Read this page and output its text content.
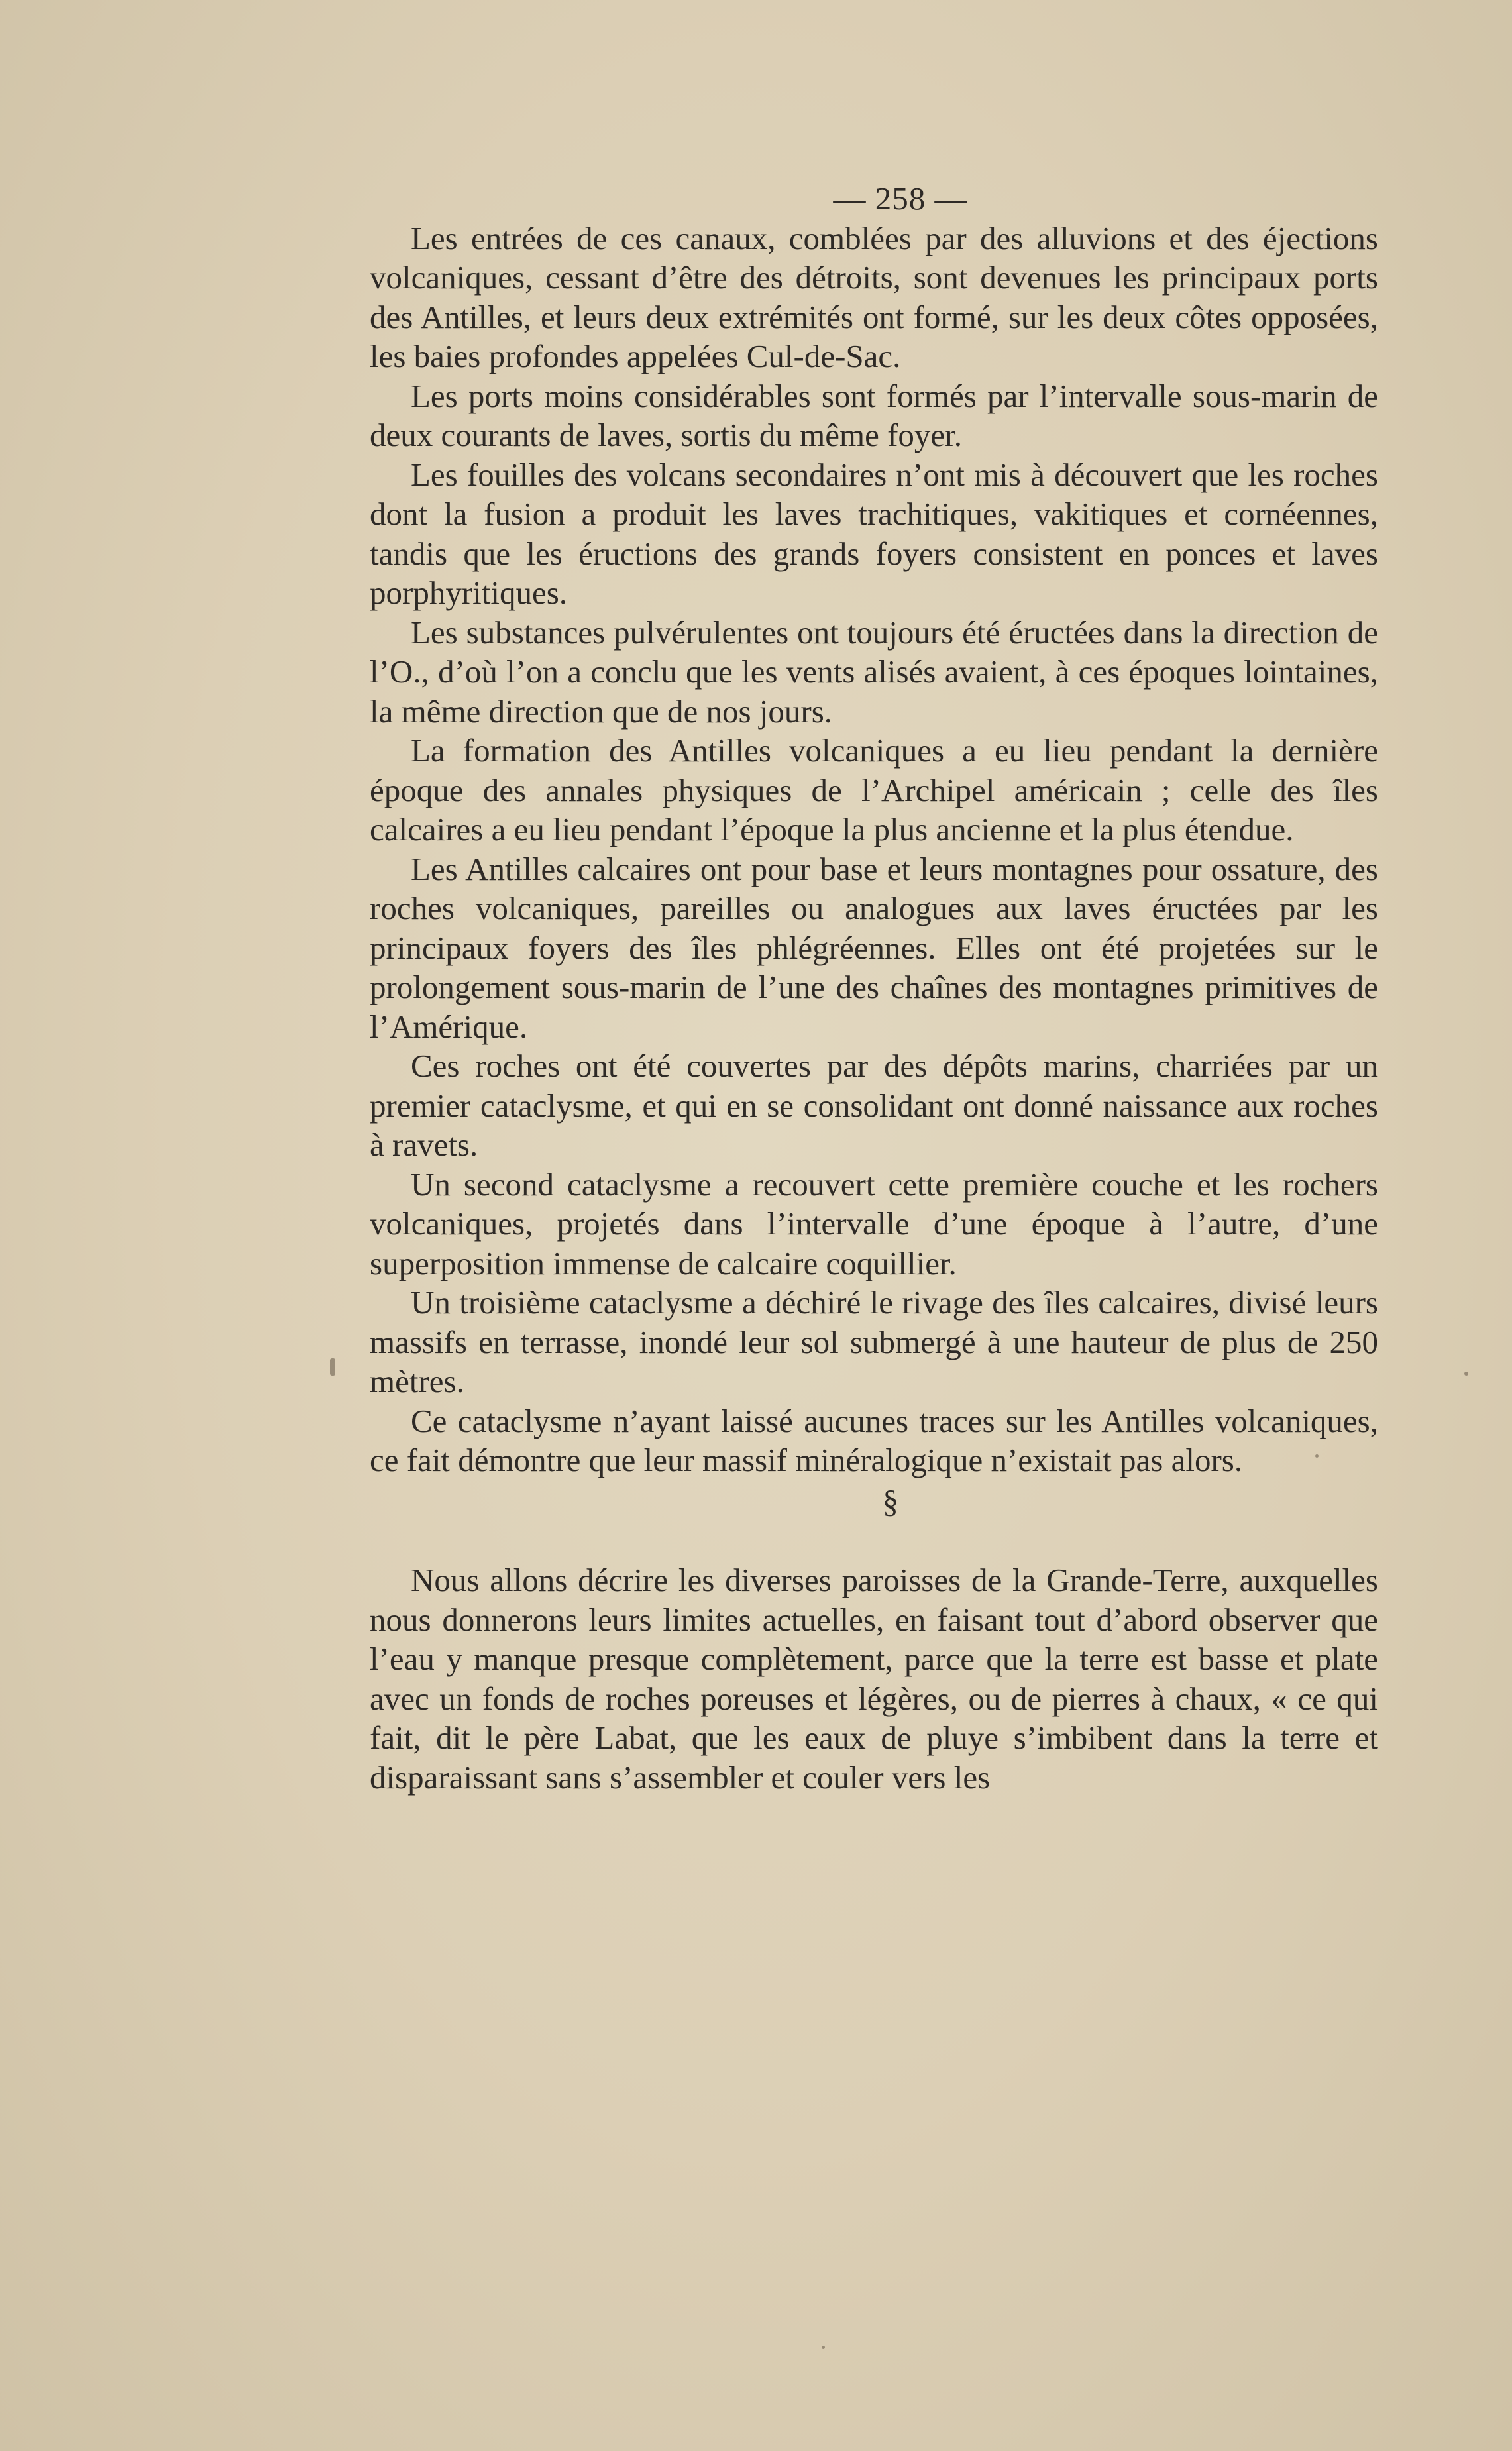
— 258 —

Les entrées de ces canaux, comblées par des alluvions et des éjections volcaniques, cessant d’être des détroits, sont devenues les principaux ports des Antilles, et leurs deux extrémités ont formé, sur les deux côtes opposées, les baies profondes appelées Cul-de-Sac.

Les ports moins considérables sont formés par l’intervalle sous-marin de deux courants de laves, sortis du même foyer.

Les fouilles des volcans secondaires n’ont mis à découvert que les roches dont la fusion a produit les laves trachitiques, vakitiques et cornéennes, tandis que les éructions des grands foyers consistent en ponces et laves porphyritiques.

Les substances pulvérulentes ont toujours été éructées dans la direction de l’O., d’où l’on a conclu que les vents alisés avaient, à ces époques lointaines, la même direction que de nos jours.

La formation des Antilles volcaniques a eu lieu pendant la dernière époque des annales physiques de l’Archipel américain ; celle des îles calcaires a eu lieu pendant l’époque la plus ancienne et la plus étendue.

Les Antilles calcaires ont pour base et leurs montagnes pour ossature, des roches volcaniques, pareilles ou analogues aux laves éructées par les principaux foyers des îles phlégréennes. Elles ont été projetées sur le prolongement sous-marin de l’une des chaînes des montagnes primitives de l’Amérique.

Ces roches ont été couvertes par des dépôts marins, charriées par un premier cataclysme, et qui en se consolidant ont donné naissance aux roches à ravets.

Un second cataclysme a recouvert cette première couche et les rochers volcaniques, projetés dans l’intervalle d’une époque à l’autre, d’une superposition immense de calcaire coquillier.

Un troisième cataclysme a déchiré le rivage des îles calcaires, divisé leurs massifs en terrasse, inondé leur sol submergé à une hauteur de plus de 250 mètres.

Ce cataclysme n’ayant laissé aucunes traces sur les Antilles volcaniques, ce fait démontre que leur massif minéralogique n’existait pas alors.

§

Nous allons décrire les diverses paroisses de la Grande-Terre, auxquelles nous donnerons leurs limites actuelles, en faisant tout d’abord observer que l’eau y manque presque complètement, parce que la terre est basse et plate avec un fonds de roches poreuses et légères, ou de pierres à chaux, « ce qui fait, dit le père Labat, que les eaux de pluye s’imbibent dans la terre et disparaissant sans s’assembler et couler vers les
